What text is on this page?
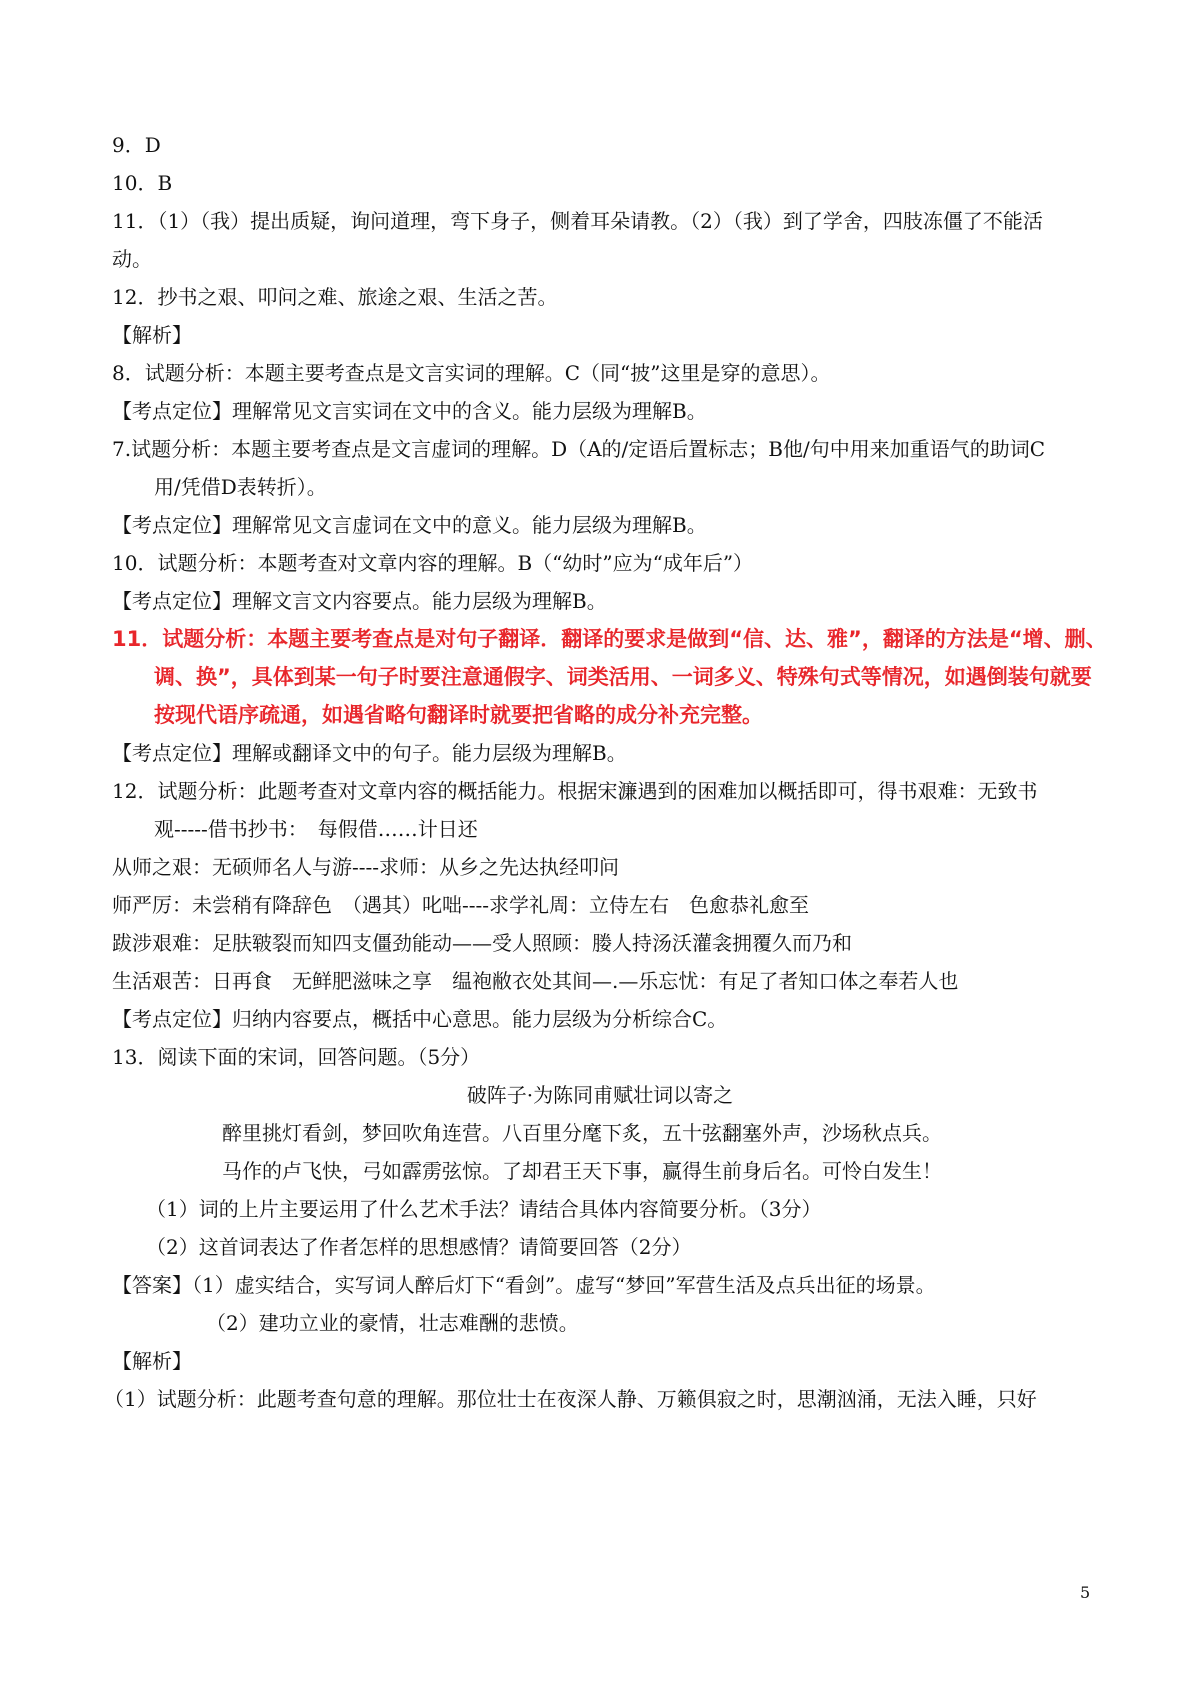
9．D
10．B
11．（1）（我）提出质疑，询问道理，弯下身子，侧着耳朵请教。（2）（我）到了学舍，四肢冻僵了不能活
动。
12．抄书之艰、叩问之难、旅途之艰、生活之苦。
【解析】
8．试题分析：本题主要考查点是文言实词的理解。C（同“披”这里是穿的意思）。
【考点定位】理解常见文言实词在文中的含义。能力层级为理解B。
7.试题分析：本题主要考查点是文言虚词的理解。D（A的/定语后置标志；B他/句中用来加重语气的助词C
用/凭借D表转折）。
【考点定位】理解常见文言虚词在文中的意义。能力层级为理解B。
10．试题分析：本题考查对文章内容的理解。B（“幼时”应为“成年后”）
【考点定位】理解文言文内容要点。能力层级为理解B。
11．试题分析：本题主要考查点是对句子翻译．翻译的要求是做到“信、达、雅”，翻译的方法是“增、删、
调、换”，具体到某一句子时要注意通假字、词类活用、一词多义、特殊句式等情况，如遇倒装句就要
按现代语序疏通，如遇省略句翻译时就要把省略的成分补充完整。
【考点定位】理解或翻译文中的句子。能力层级为理解B。
12．试题分析：此题考查对文章内容的概括能力。根据宋濂遇到的困难加以概括即可，得书艰难：无致书
观-----借书抄书：　每假借……计日还
从师之艰：无硕师名人与游----求师：从乡之先达执经叩问
师严厉：未尝稍有降辞色　（遇其）叱咄----求学礼周：立侍左右　色愈恭礼愈至
跋涉艰难：足肤皲裂而知四支僵劲能动——受人照顾：媵人持汤沃灌衾拥覆久而乃和
生活艰苦：日再食　无鲜肥滋味之享　缊袍敝衣处其间—.—乐忘忧：有足了者知口体之奉若人也
【考点定位】归纳内容要点，概括中心意思。能力层级为分析综合C。
13．阅读下面的宋词，回答问题。（5分）
破阵子·为陈同甫赋壮词以寄之
醉里挑灯看剑，梦回吹角连营。八百里分麾下炙，五十弦翻塞外声，沙场秋点兵。
马作的卢飞快，弓如霹雳弦惊。了却君王天下事，赢得生前身后名。可怜白发生！
（1）词的上片主要运用了什么艺术手法？请结合具体内容简要分析。（3分）
（2）这首词表达了作者怎样的思想感情？请简要回答（2分）
【答案】（1）虚实结合，实写词人醉后灯下“看剑”。虚写“梦回”军营生活及点兵出征的场景。
（2）建功立业的豪情，壮志难酬的悲愤。
【解析】
（1）试题分析：此题考查句意的理解。那位壮士在夜深人静、万籁俱寂之时，思潮汹涌，无法入睡，只好
5
